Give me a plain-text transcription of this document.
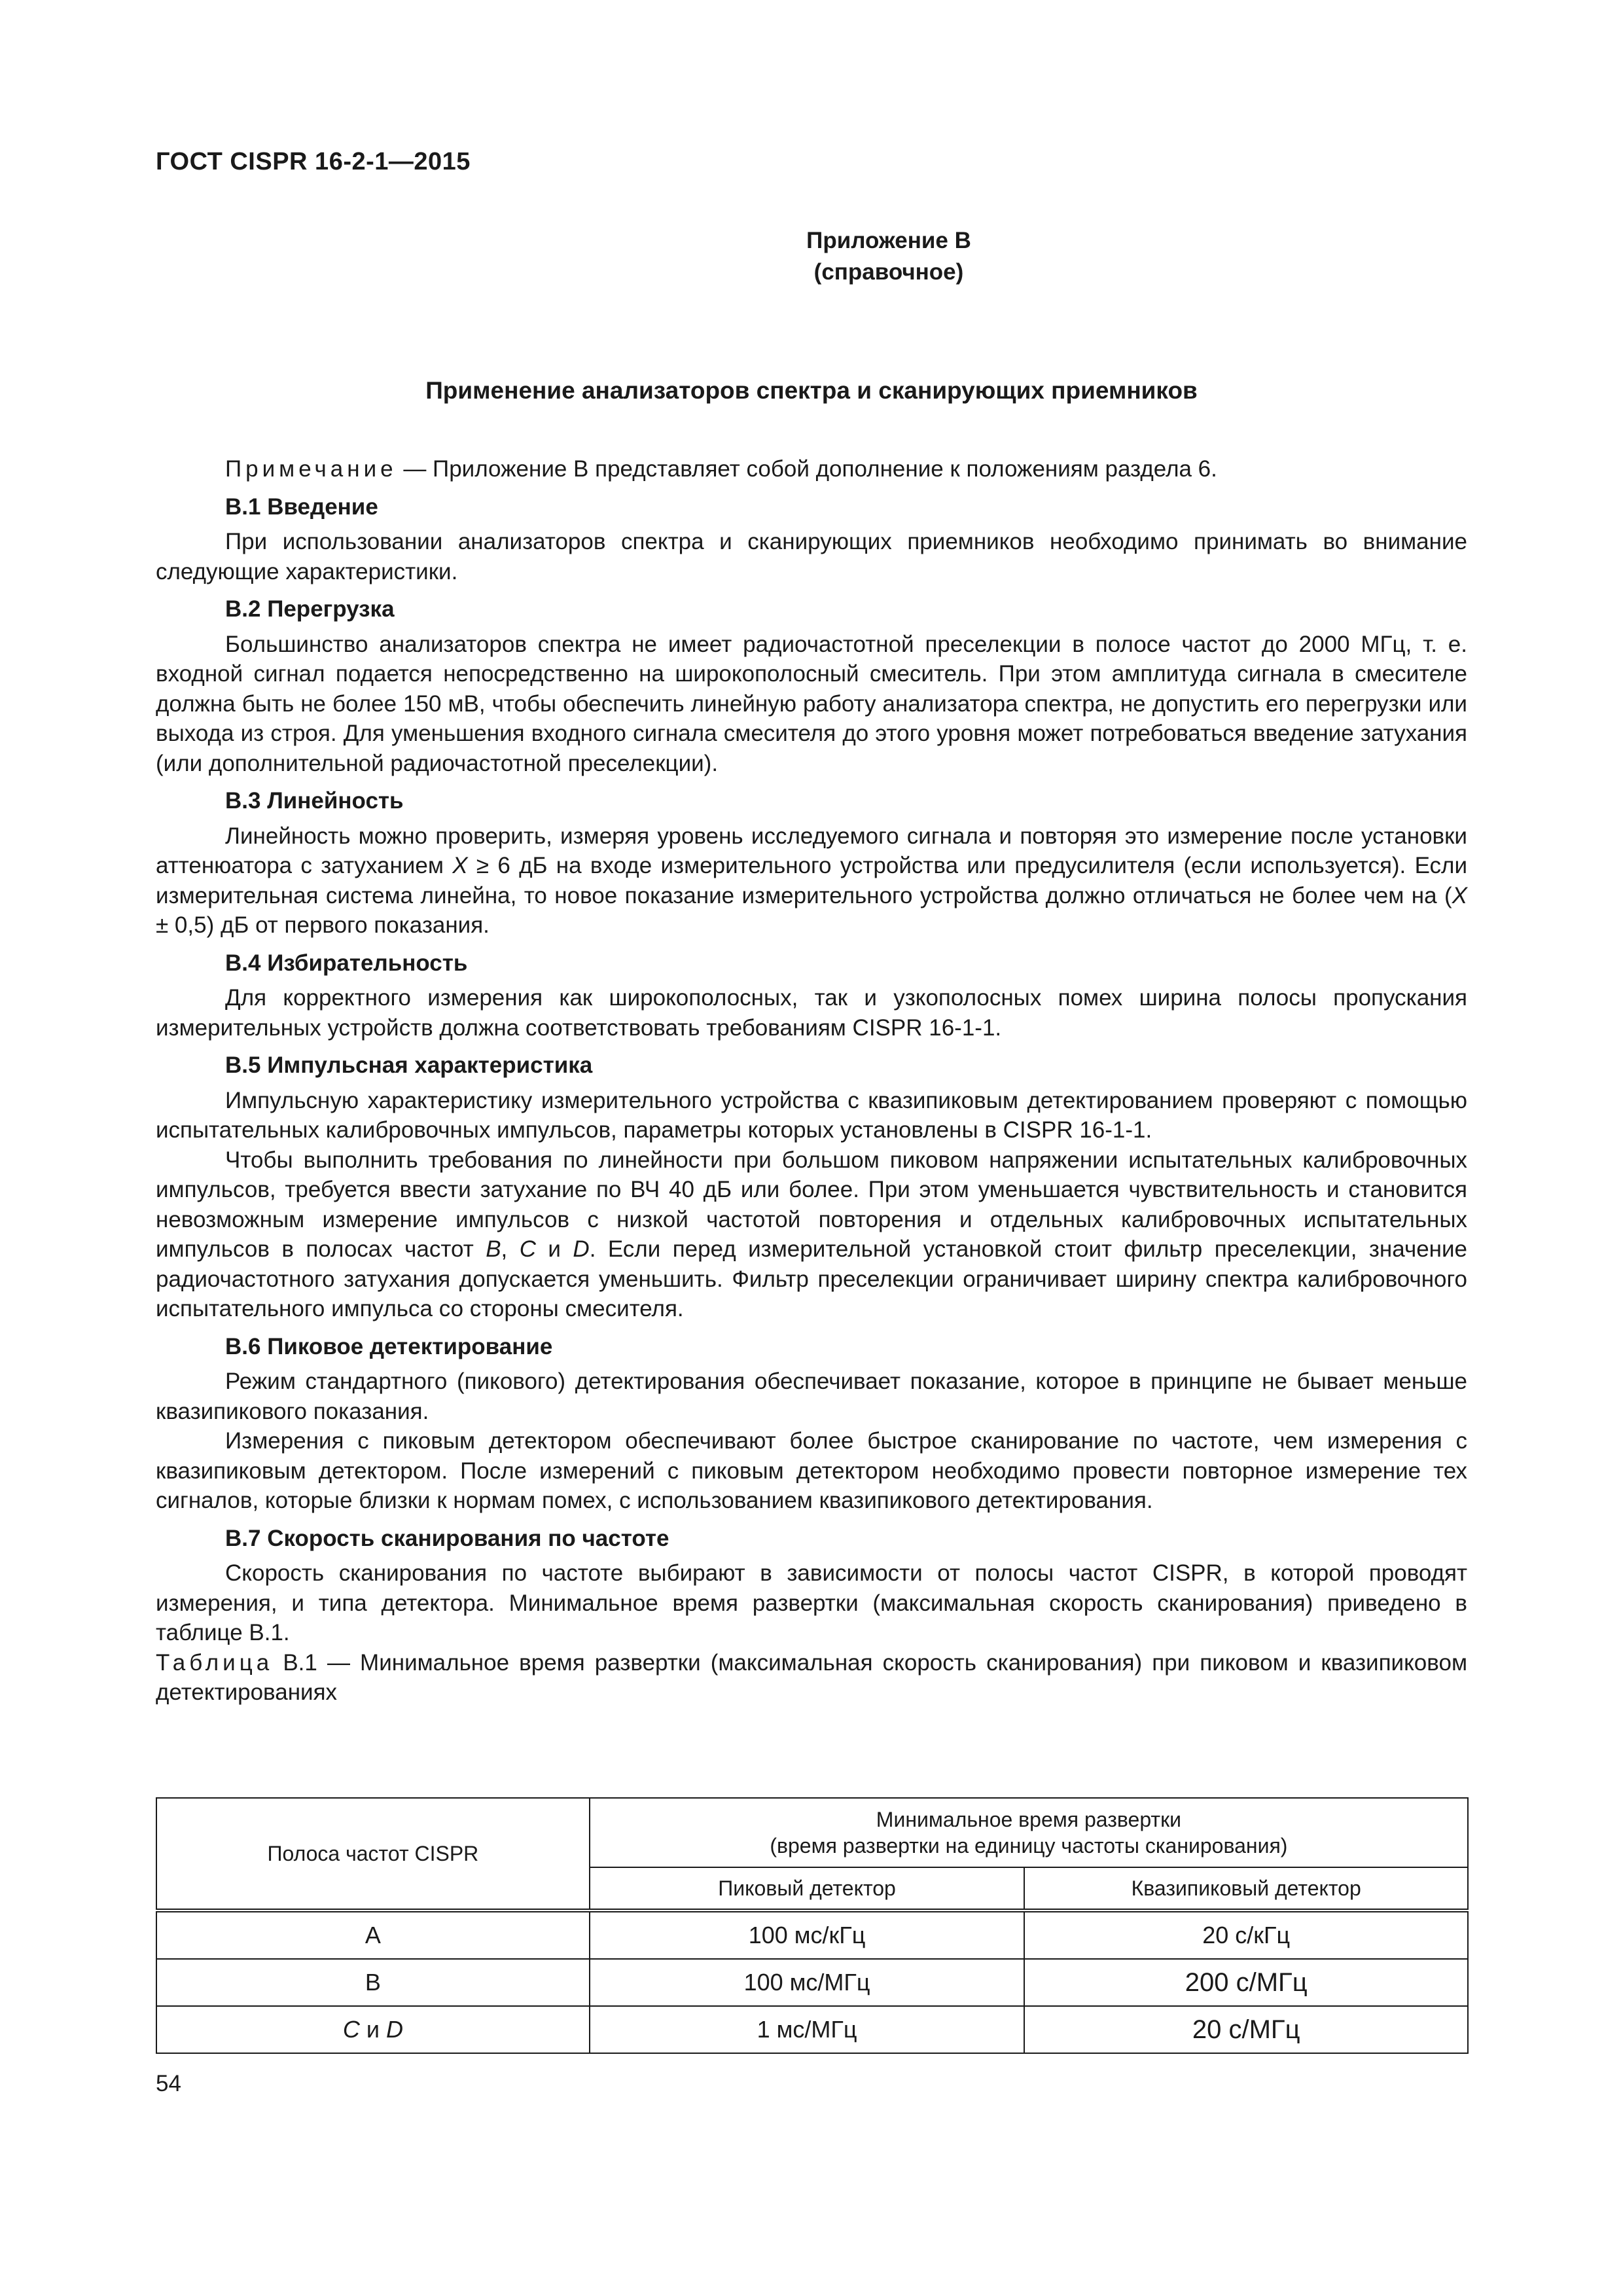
ГОСТ CISPR 16-2-1—2015
Приложение В
(справочное)
Применение анализаторов спектра и сканирующих приемников

Примечание — Приложение В представляет собой дополнение к положениям раздела 6.

В.1 Введение

При использовании анализаторов спектра и сканирующих приемников необходимо принимать во внимание следующие характеристики.

В.2 Перегрузка

Большинство анализаторов спектра не имеет радиочастотной преселекции в полосе частот до 2000 МГц, т. е. входной сигнал подается непосредственно на широкополосный смеситель. При этом амплитуда сигнала в смесителе должна быть не более 150 мВ, чтобы обеспечить линейную работу анализатора спектра, не допустить его перегрузки или выхода из строя. Для уменьшения входного сигнала смесителя до этого уровня может потребоваться введение затухания (или дополнительной радиочастотной преселекции).

В.3 Линейность

Линейность можно проверить, измеряя уровень исследуемого сигнала и повторяя это измерение после установки аттенюатора с затуханием X ≥ 6 дБ на входе измерительного устройства или предусилителя (если используется). Если измерительная система линейна, то новое показание измерительного устройства должно отличаться не более чем на (X ± 0,5) дБ от первого показания.

В.4 Избирательность

Для корректного измерения как широкополосных, так и узкополосных помех ширина полосы пропускания измерительных устройств должна соответствовать требованиям CISPR 16-1-1.

В.5 Импульсная характеристика

Импульсную характеристику измерительного устройства с квазипиковым детектированием проверяют с помощью испытательных калибровочных импульсов, параметры которых установлены в CISPR 16-1-1.

Чтобы выполнить требования по линейности при большом пиковом напряжении испытательных калибровочных импульсов, требуется ввести затухание по ВЧ 40 дБ или более. При этом уменьшается чувствительность и становится невозможным измерение импульсов с низкой частотой повторения и отдельных калибровочных испытательных импульсов в полосах частот B, C и D. Если перед измерительной установкой стоит фильтр преселекции, значение радиочастотного затухания допускается уменьшить. Фильтр преселекции ограничивает ширину спектра калибровочного испытательного импульса со стороны смесителя.

В.6 Пиковое детектирование

Режим стандартного (пикового) детектирования обеспечивает показание, которое в принципе не бывает меньше квазипикового показания.

Измерения с пиковым детектором обеспечивают более быстрое сканирование по частоте, чем измерения с квазипиковым детектором. После измерений с пиковым детектором необходимо провести повторное измерение тех сигналов, которые близки к нормам помех, с использованием квазипикового детектирования.

В.7 Скорость сканирования по частоте

Скорость сканирования по частоте выбирают в зависимости от полосы частот CISPR, в которой проводят измерения, и типа детектора. Минимальное время развертки (максимальная скорость сканирования) приведено в таблице В.1.

Таблица В.1 — Минимальное время развертки (максимальная скорость сканирования) при пиковом и квазипиковом детектированиях

Полоса частот CISPR	Минимальное время развертки
(время развертки на единицу частоты сканирования)	

	Пиковый детектор	Квазипиковый детектор
A	100 мс/кГц	20 с/кГц
B	100 мс/МГц	200 с/МГц
C и D	1 мс/МГц	20 с/МГц
54
